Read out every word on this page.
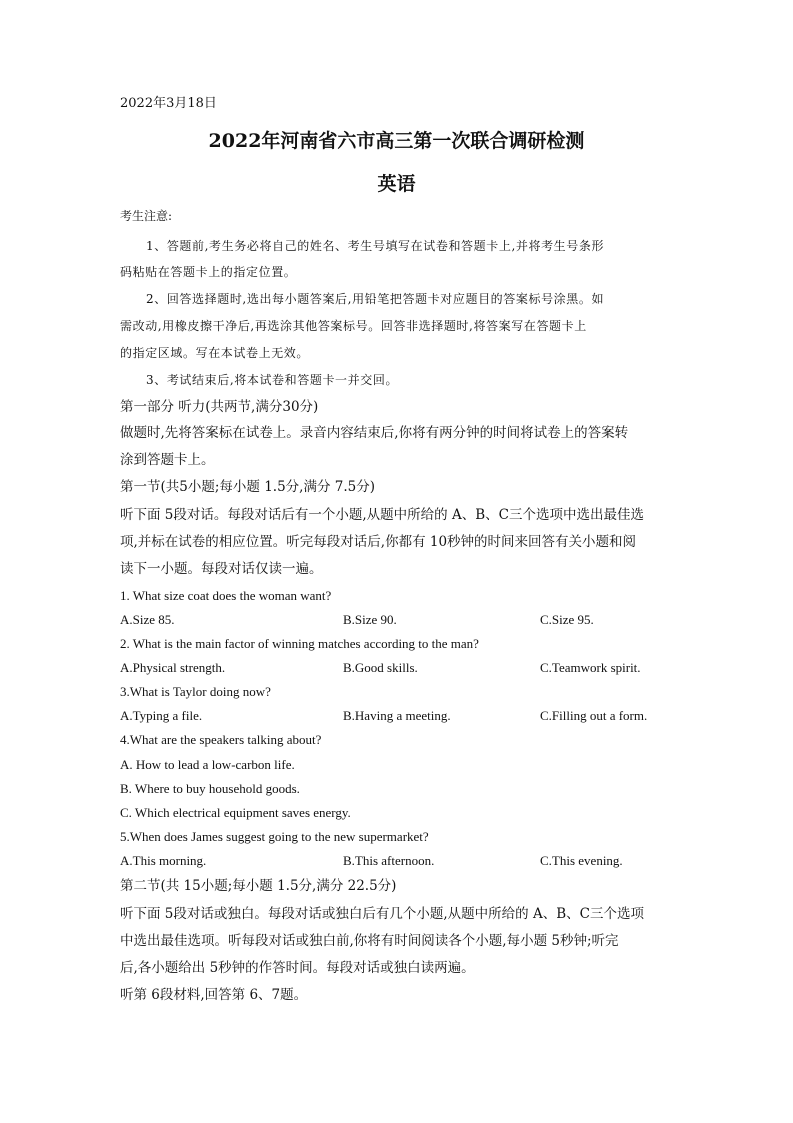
2022年3月18日
2022年河南省六市高三第一次联合调研检测
英语
考生注意:
1、答题前,考生务必将自己的姓名、考生号填写在试卷和答题卡上,并将考生号条形
码粘贴在答题卡上的指定位置。
2、回答选择题时,选出每小题答案后,用铅笔把答题卡对应题目的答案标号涂黑。如
需改动,用橡皮擦干净后,再选涂其他答案标号。回答非选择题时,将答案写在答题卡上
的指定区域。写在本试卷上无效。
3、考试结束后,将本试卷和答题卡一并交回。
第一部分 听力(共两节,满分30分)
做题时,先将答案标在试卷上。录音内容结束后,你将有两分钟的时间将试卷上的答案转
涂到答题卡上。
第一节(共5小题;每小题 1.5分,满分 7.5分)
听下面 5段对话。每段对话后有一个小题,从题中所给的 A、B、C三个选项中选出最佳选
项,并标在试卷的相应位置。听完每段对话后,你都有 10秒钟的时间来回答有关小题和阅
读下一小题。每段对话仅读一遍。
1. What size coat does the woman want?
A.Size 85.	B.Size 90.	C.Size 95.
2. What is the main factor of winning matches according to the man?
A.Physical strength.	B.Good skills.	C.Teamwork spirit.
3.What is Taylor doing now?
A.Typing a file.	B.Having a meeting.	C.Filling out a form.
4.What are the speakers talking about?
A. How to lead a low-carbon life.
B. Where to buy household goods.
C. Which electrical equipment saves energy.
5.When does James suggest going to the new supermarket?
A.This morning.	B.This afternoon.	C.This evening.
第二节(共 15小题;每小题 1.5分,满分 22.5分)
听下面 5段对话或独白。每段对话或独白后有几个小题,从题中所给的 A、B、C三个选项
中选出最佳选项。听每段对话或独白前,你将有时间阅读各个小题,每小题 5秒钟;听完
后,各小题给出 5秒钟的作答时间。每段对话或独白读两遍。
听第 6段材料,回答第 6、7题。
